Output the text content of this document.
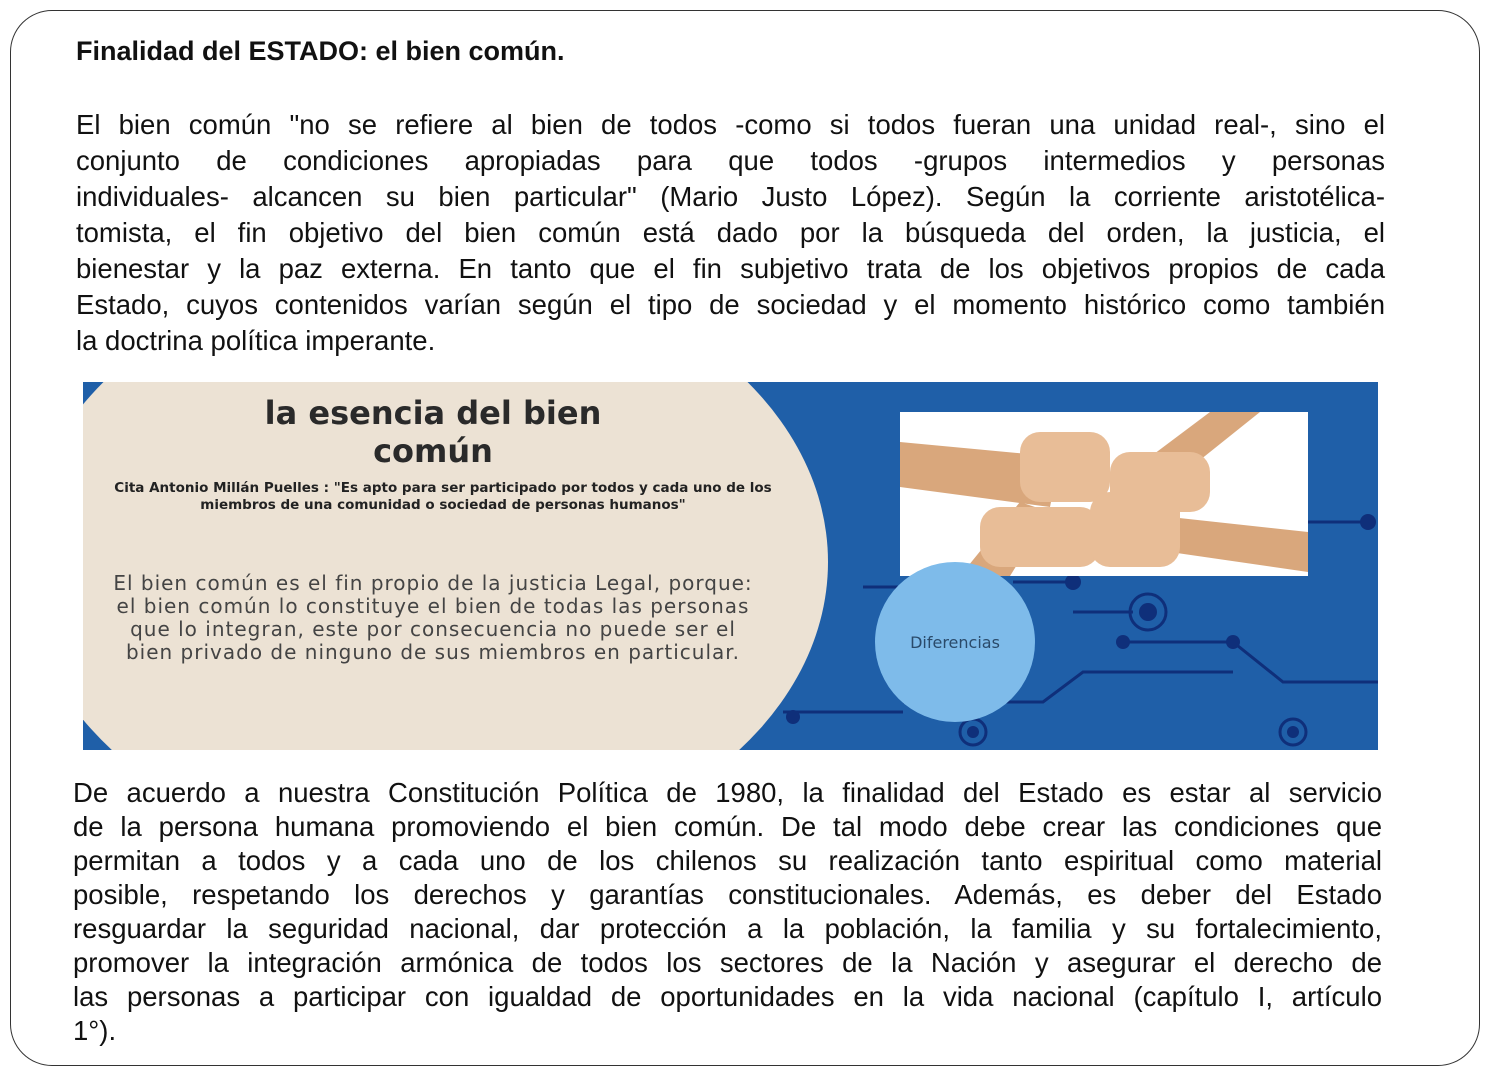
Finalidad del ESTADO: el bien común.
El bien común "no se refiere al bien de todos -como si todos fueran una unidad real-, sino el
conjunto de condiciones apropiadas para que todos -grupos intermedios y personas
individuales- alcancen su bien particular" (Mario Justo López). Según la corriente aristotélica-
tomista, el fin objetivo del bien común está dado por la búsqueda del orden, la justicia, el
bienestar y la paz externa. En tanto que el fin subjetivo trata de los objetivos propios de cada
Estado, cuyos contenidos varían según el tipo de sociedad y el momento histórico como también
la doctrina política imperante.
la esencia del bien
común
Cita Antonio Millán Puelles : "Es apto para ser participado por todos y cada uno de los miembros de una comunidad o sociedad de personas humanos"
El bien común es el fin propio de la justicia Legal, porque: el bien común lo constituye el bien de todas las personas que lo integran, este por consecuencia no puede ser el bien privado de ninguno de sus miembros en particular.	Diferencias
De acuerdo a nuestra Constitución Política de 1980, la finalidad del Estado es estar al servicio
de la persona humana promoviendo el bien común. De tal modo debe crear las condiciones que
permitan a todos y a cada uno de los chilenos su realización tanto espiritual como material
posible, respetando los derechos y garantías constitucionales. Además, es deber del Estado
resguardar la seguridad nacional, dar protección a la población, la familia y su fortalecimiento,
promover la integración armónica de todos los sectores de la Nación y asegurar el derecho de
las personas a participar con igualdad de oportunidades en la vida nacional (capítulo I, artículo
1°).
